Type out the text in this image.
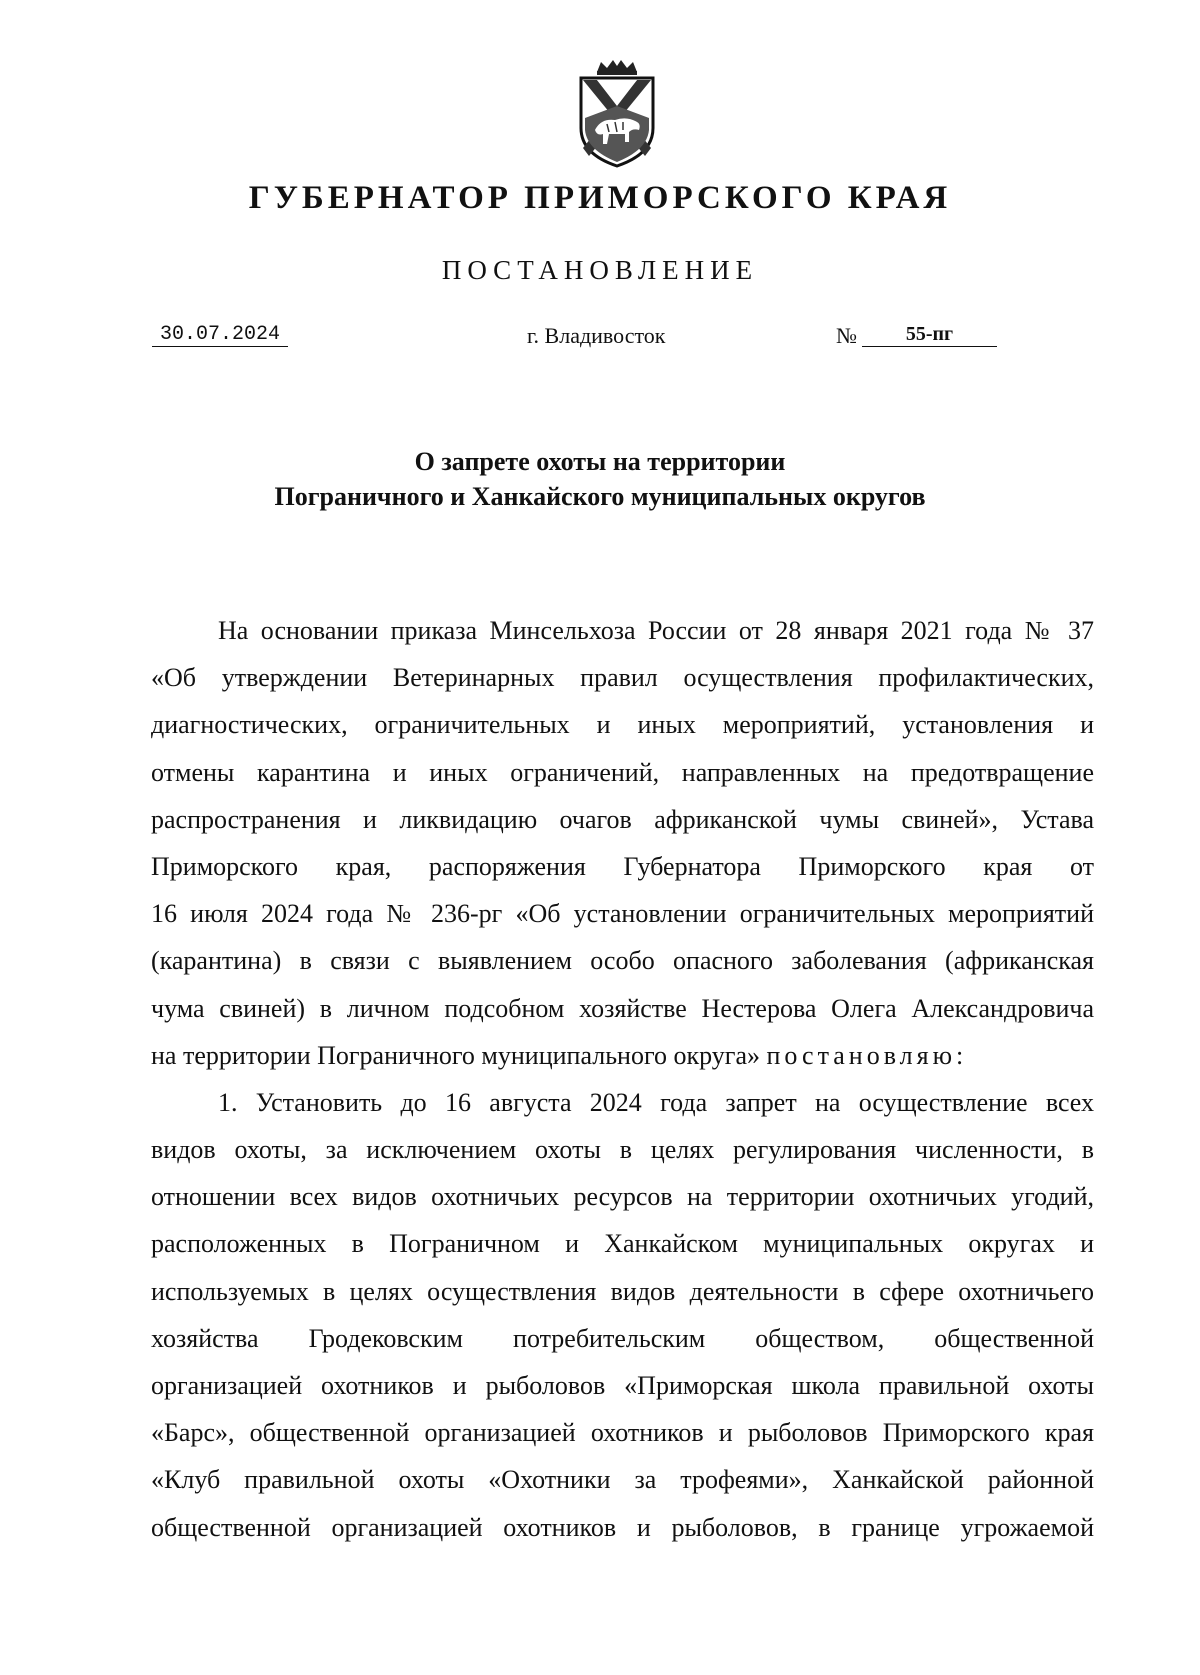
ГУБЕРНАТОР ПРИМОРСКОГО КРАЯ
ПОСТАНОВЛЕНИЕ
30.07.2024	г. Владивосток	№	55-пг
О запрете охоты на территории
Пограничного и Ханкайского муниципальных округов
На основании приказа Минсельхоза России от 28 января 2021 года № 37
«Об утверждении Ветеринарных правил осуществления профилактических,
диагностических, ограничительных и иных мероприятий, установления и
отмены карантина и иных ограничений, направленных на предотвращение
распространения и ликвидацию очагов африканской чумы свиней», Устава
Приморского края, распоряжения Губернатора Приморского края от
16 июля 2024 года № 236-рг «Об установлении ограничительных мероприятий
(карантина) в связи с выявлением особо опасного заболевания (африканская
чума свиней) в личном подсобном хозяйстве Нестерова Олега Александровича
на территории Пограничного муниципального округа» постановляю:
1. Установить до 16 августа 2024 года запрет на осуществление всех
видов охоты, за исключением охоты в целях регулирования численности, в
отношении всех видов охотничьих ресурсов на территории охотничьих угодий,
расположенных в Пограничном и Ханкайском муниципальных округах и
используемых в целях осуществления видов деятельности в сфере охотничьего
хозяйства Гродековским потребительским обществом, общественной
организацией охотников и рыболовов «Приморская школа правильной охоты
«Барс», общественной организацией охотников и рыболовов Приморского края
«Клуб правильной охоты «Охотники за трофеями», Ханкайской районной
общественной организацией охотников и рыболовов, в границе угрожаемой
